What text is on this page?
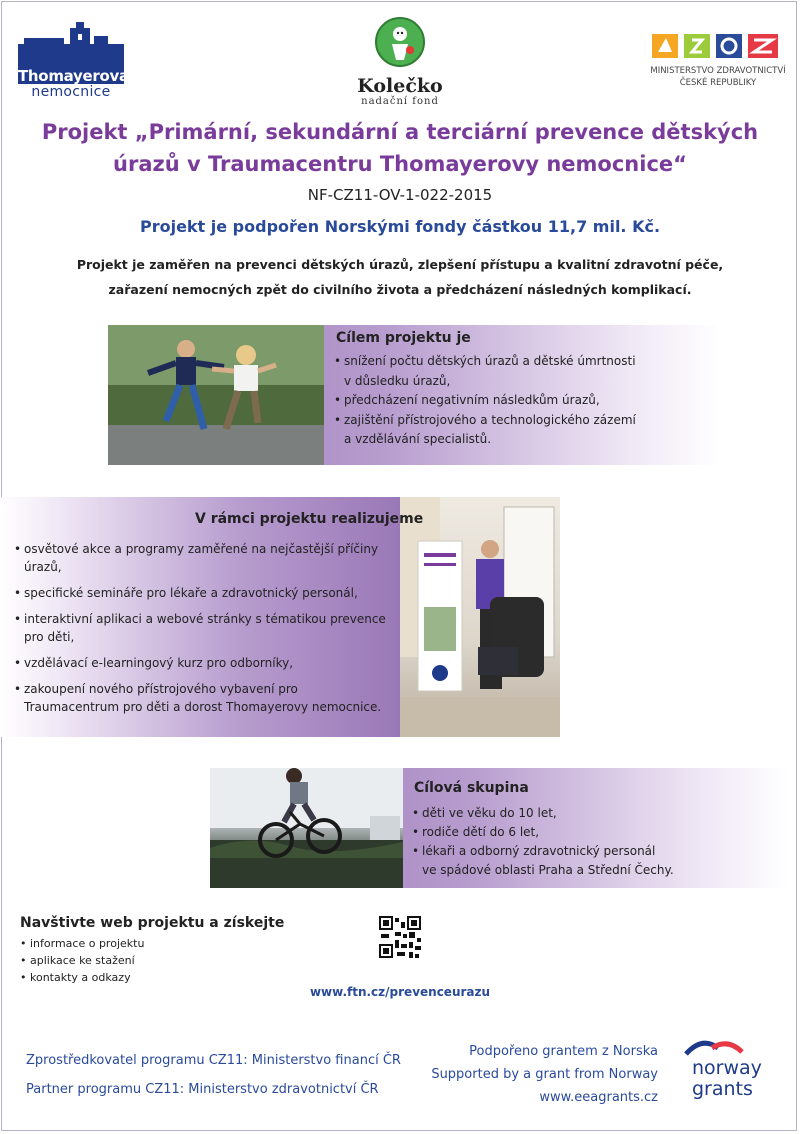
Thomayerova
nemocnice	Kolečko
nadační fond
MINISTERSTVO ZDRAVOTNICTVÍ
ČESKÉ REPUBLIKY
Projekt „Primární, sekundární a terciární prevence dětských
úrazů v Traumacentru Thomayerovy nemocnice“
NF-CZ11-OV-1-022-2015
Projekt je podpořen Norskými fondy částkou 11,7 mil. Kč.
Projekt je zaměřen na prevenci dětských úrazů, zlepšení přístupu a kvalitní zdravotní péče,
zařazení nemocných zpět do civilního života a předcházení následných komplikací.
Cílem projektu je
• snížení počtu dětských úrazů a dětské úmrtnosti
v důsledku úrazů,
• předcházení negativním následkům úrazů,
• zajištění přístrojového a technologického zázemí
a vzdělávání specialistů.
V rámci projektu realizujeme
• osvětové akce a programy zaměřené na nejčastější příčiny úrazů,
• specifické semináře pro lékaře a zdravotnický personál,
• interaktivní aplikaci a webové stránky s tématikou prevence pro děti,
• vzdělávací e-learningový kurz pro odborníky,
• zakoupení nového přístrojového vybavení pro Traumacentrum pro děti a dorost Thomayerovy nemocnice.
Cílová skupina
• děti ve věku do 10 let,
• rodiče dětí do 6 let,
• lékaři a odborný zdravotnický personál
ve spádové oblasti Praha a Střední Čechy.
Navštivte web projektu a získejte
• informace o projektu
• aplikace ke stažení
• kontakty a odkazy
www.ftn.cz/prevenceurazu
Zprostředkovatel programu CZ11: Ministerstvo financí ČR
Partner programu CZ11: Ministerstvo zdravotnictví ČR
Podpořeno grantem z Norska
Supported by a grant from Norway
www.eeagrants.cz
norway
grants
